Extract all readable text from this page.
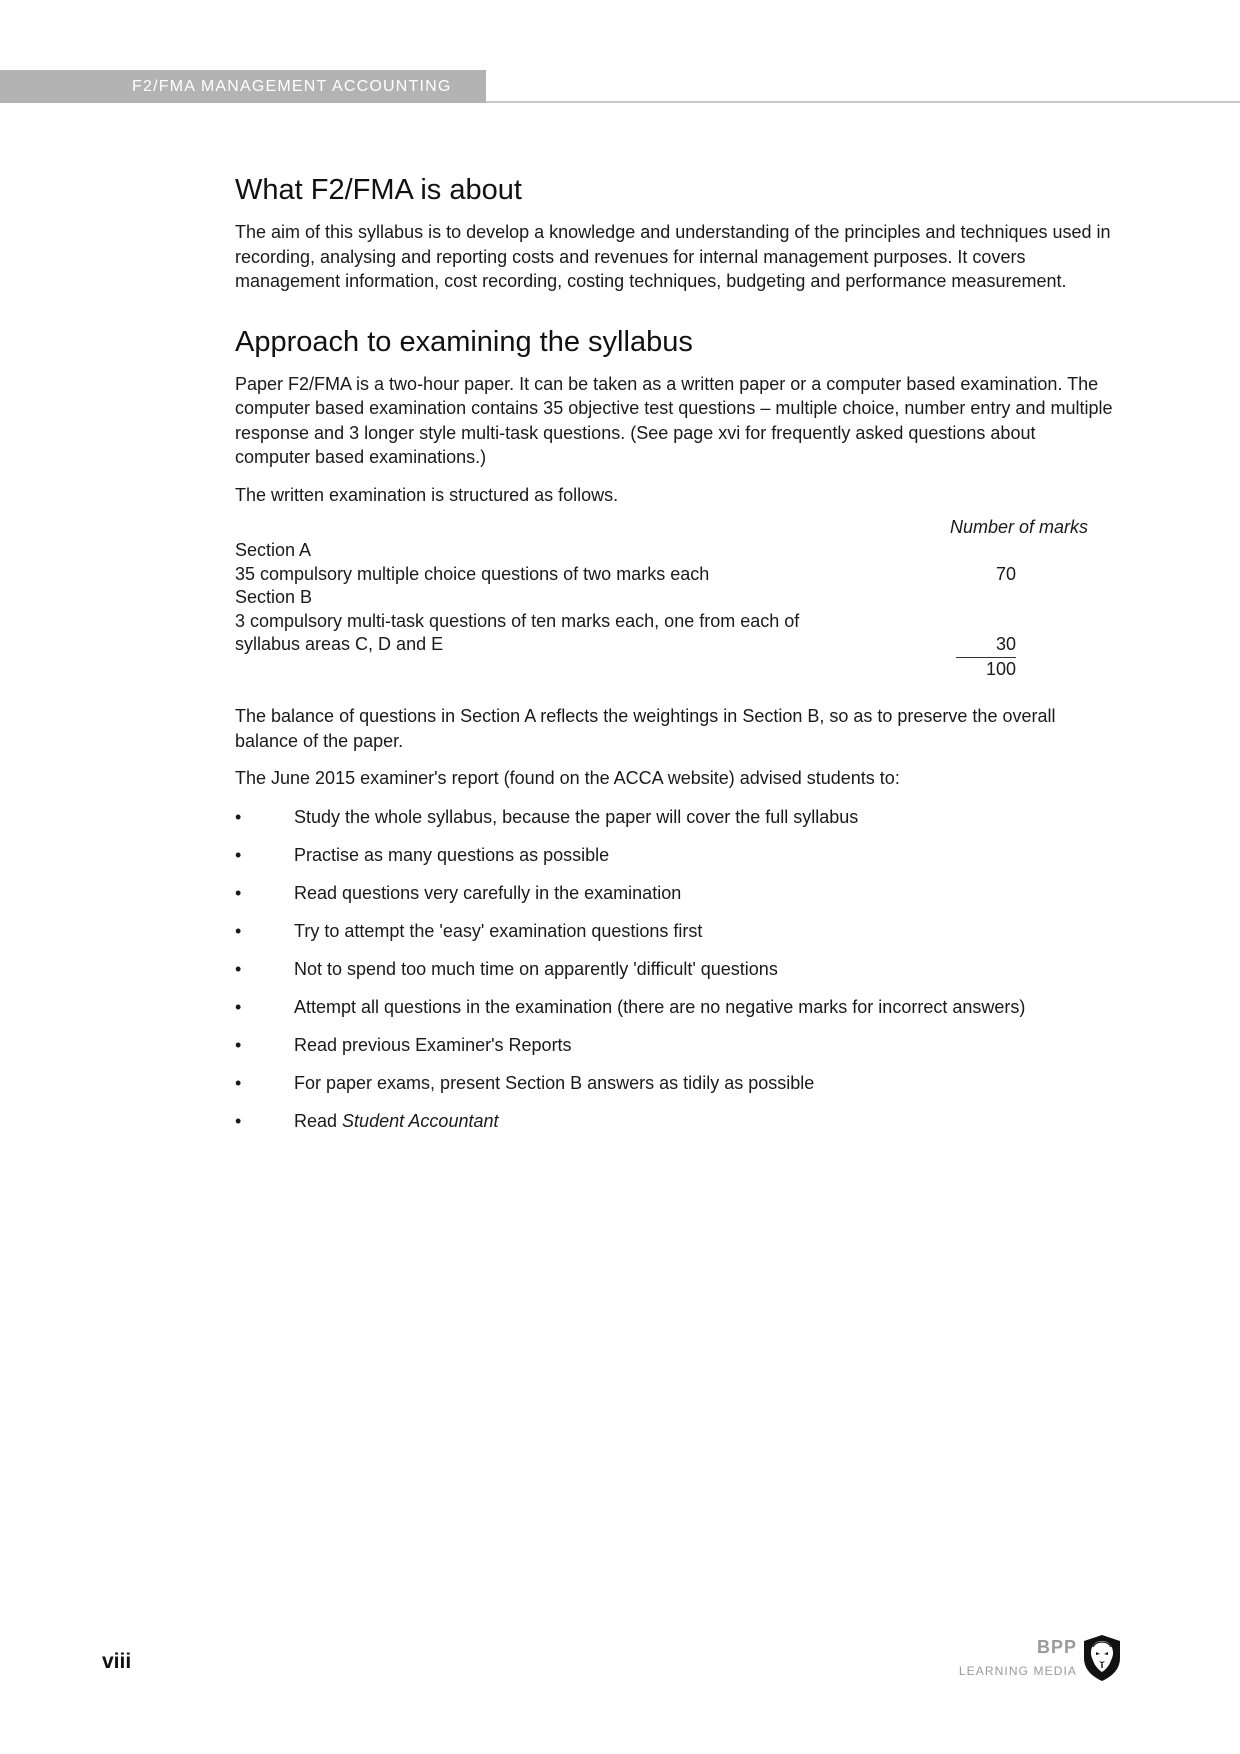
F2/FMA MANAGEMENT ACCOUNTING
What F2/FMA is about

The aim of this syllabus is to develop a knowledge and understanding of the principles and techniques used in recording, analysing and reporting costs and revenues for internal management purposes. It covers management information, cost recording, costing techniques, budgeting and performance measurement.

Approach to examining the syllabus

Paper F2/FMA is a two-hour paper. It can be taken as a written paper or a computer based examination. The computer based examination contains 35 objective test questions – multiple choice, number entry and multiple response and 3 longer style multi-task questions. (See page xvi for frequently asked questions about computer based examinations.)

The written examination is structured as follows.

Number of marks
Section A
35 compulsory multiple choice questions of two marks each	70
Section B
3 compulsory multi-task questions of ten marks each, one from each of
syllabus areas C, D and E	30
100

The balance of questions in Section A reflects the weightings in Section B, so as to preserve the overall balance of the paper.

The June 2015 examiner's report (found on the ACCA website) advised students to:

•	Study the whole syllabus, because the paper will cover the full syllabus
•	Practise as many questions as possible
•	Read questions very carefully in the examination
•	Try to attempt the 'easy' examination questions first
•	Not to spend too much time on apparently 'difficult' questions
•	Attempt all questions in the examination (there are no negative marks for incorrect answers)
•	Read previous Examiner's Reports
•	For paper exams, present Section B answers as tidily as possible
•	Read Student Accountant
viii
BPP
LEARNING MEDIA
